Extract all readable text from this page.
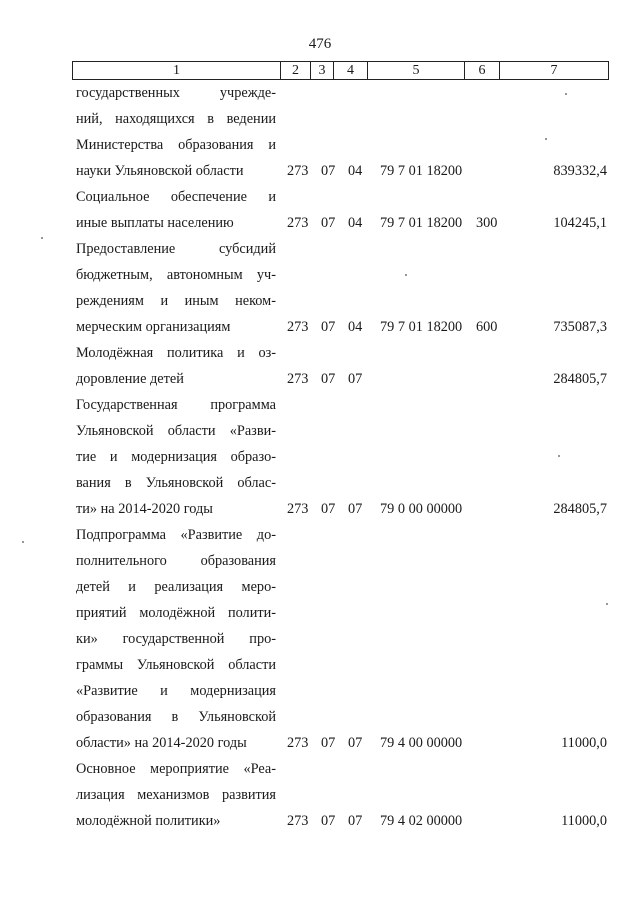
476
1	2	3	4	5	6	7
государственных учрежде-
ний, находящихся в ведении
Министерства образования и
науки Ульяновской области	273 07 04 79 7 01 18200	839332,4
Социальное обеспечение и
иные выплаты населению	273 07 04 79 7 01 18200 300	104245,1
Предоставление субсидий
бюджетным, автономным уч-
реждениям и иным неком-
мерческим организациям	273 07 04 79 7 01 18200 600	735087,3
Молодёжная политика и оз-
доровление детей	273 07 07	284805,7
Государственная программа
Ульяновской области «Разви-
тие и модернизация образо-
вания в Ульяновской облас-
ти» на 2014-2020 годы	273 07 07 79 0 00 00000	284805,7
Подпрограмма «Развитие до-
полнительного образования
детей и реализация меро-
приятий молодёжной полити-
ки» государственной про-
граммы Ульяновской области
«Развитие и модернизация
образования в Ульяновской
области» на 2014-2020 годы	273 07 07 79 4 00 00000	11000,0
Основное мероприятие «Реа-
лизация механизмов развития
молодёжной политики»	273 07 07 79 4 02 00000	11000,0
